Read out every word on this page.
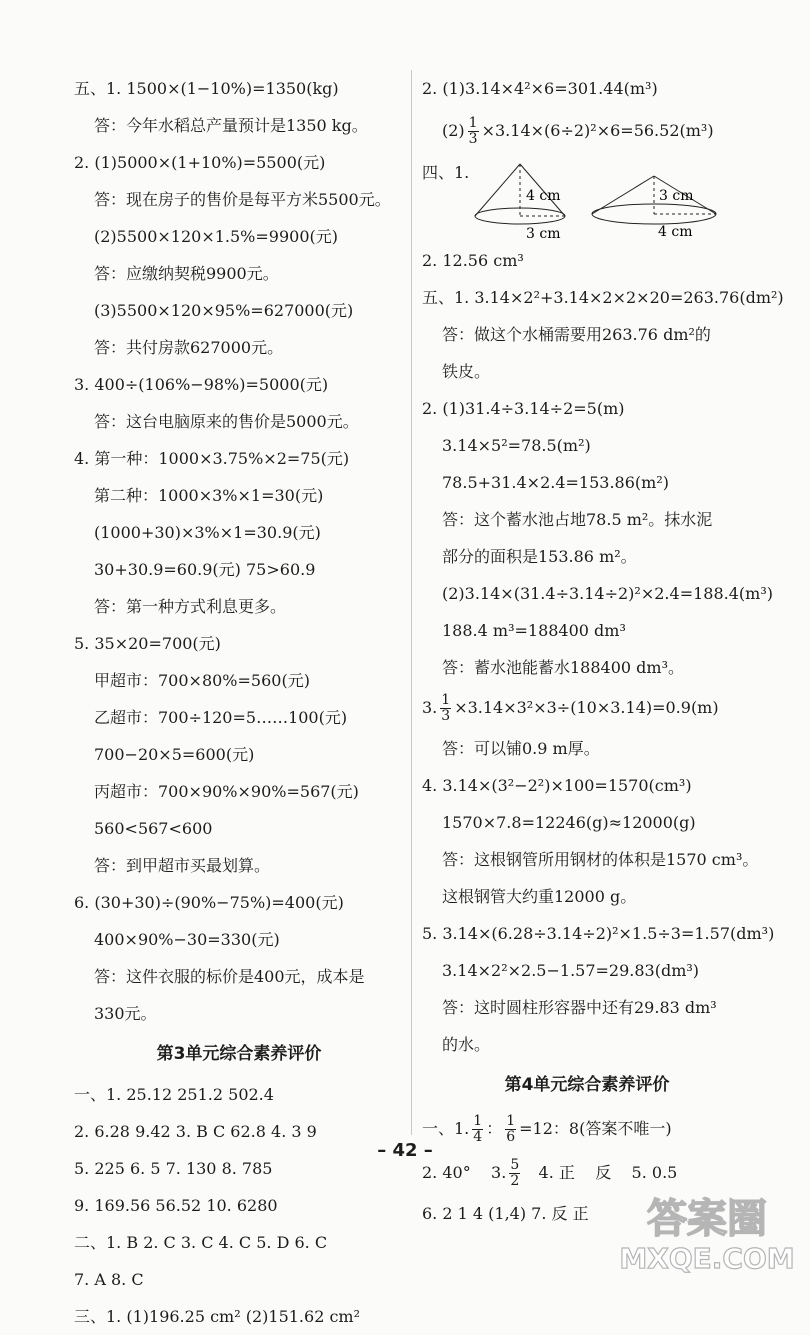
五、1. 1500×(1−10%)=1350(kg)
答：今年水稻总产量预计是1350 kg。
2. (1)5000×(1+10%)=5500(元)
答：现在房子的售价是每平方米5500元。
(2)5500×120×1.5%=9900(元)
答：应缴纳契税9900元。
(3)5500×120×95%=627000(元)
答：共付房款627000元。
3. 400÷(106%−98%)=5000(元)
答：这台电脑原来的售价是5000元。
4. 第一种：1000×3.75%×2=75(元)
第二种：1000×3%×1=30(元)
(1000+30)×3%×1=30.9(元)
30+30.9=60.9(元) 75>60.9
答：第一种方式利息更多。
5. 35×20=700(元)
甲超市：700×80%=560(元)
乙超市：700÷120=5……100(元)
700−20×5=600(元)
丙超市：700×90%×90%=567(元)
560<567<600
答：到甲超市买最划算。
6. (30+30)÷(90%−75%)=400(元)
400×90%−30=330(元)
答：这件衣服的标价是400元，成本是
330元。
第3单元综合素养评价
一、1. 25.12 251.2 502.4
2. 6.28 9.42 3. B C 62.8 4. 3 9
5. 225 6. 5 7. 130 8. 785
9. 169.56 56.52 10. 6280
二、1. B 2. C 3. C 4. C 5. D 6. C
7. A 8. C
三、1. (1)196.25 cm² (2)151.62 cm²
2. (1)3.14×4²×6=301.44(m³)
$(2) \frac{1}{3} \times 3.14\times(6\div 2)^2\times 6=56.52(m^3)$
四、1.
4 cm
3 cm
3 cm
4 cm
2. 12.56 cm³
五、1. 3.14×2²+3.14×2×2×20=263.76(dm²)
答：做这个水桶需要用263.76 dm²的
铁皮。
2. (1)31.4÷3.14÷2=5(m)
3.14×5²=78.5(m²)
78.5+31.4×2.4=153.86(m²)
答：这个蓄水池占地78.5 m²。抹水泥
部分的面积是153.86 m²。
(2)3.14×(31.4÷3.14÷2)²×2.4=188.4(m³)
188.4 m³=188400 dm³
答：蓄水池能蓄水188400 dm³。
3. $\frac{1}{3} \times 3.14\times 3^2\times 3\div(10\times 3.14)=0.9(m)$
答：可以铺0.9 m厚。
4. 3.14×(3²−2²)×100=1570(cm³)
1570×7.8=12246(g)≈12000(g)
答：这根钢管所用钢材的体积是1570 cm³。
这根钢管大约重12000 g。
5. 3.14×(6.28÷3.14÷2)²×1.5÷3=1.57(dm³)
3.14×2²×2.5−1.57=29.83(dm³)
答：这时圆柱形容器中还有29.83 dm³
的水。
第4单元综合素养评价
一、1. $\frac{1}{4}$ ： $\frac{1}{6} =12$：8(答案不唯一)
2. 40°    3. $\frac{5}{2} 4$. 正    反    5. 0.5
6. 2 1 4 (1,4) 7. 反 正
– 42 –
答案圈
MXQE.COM
